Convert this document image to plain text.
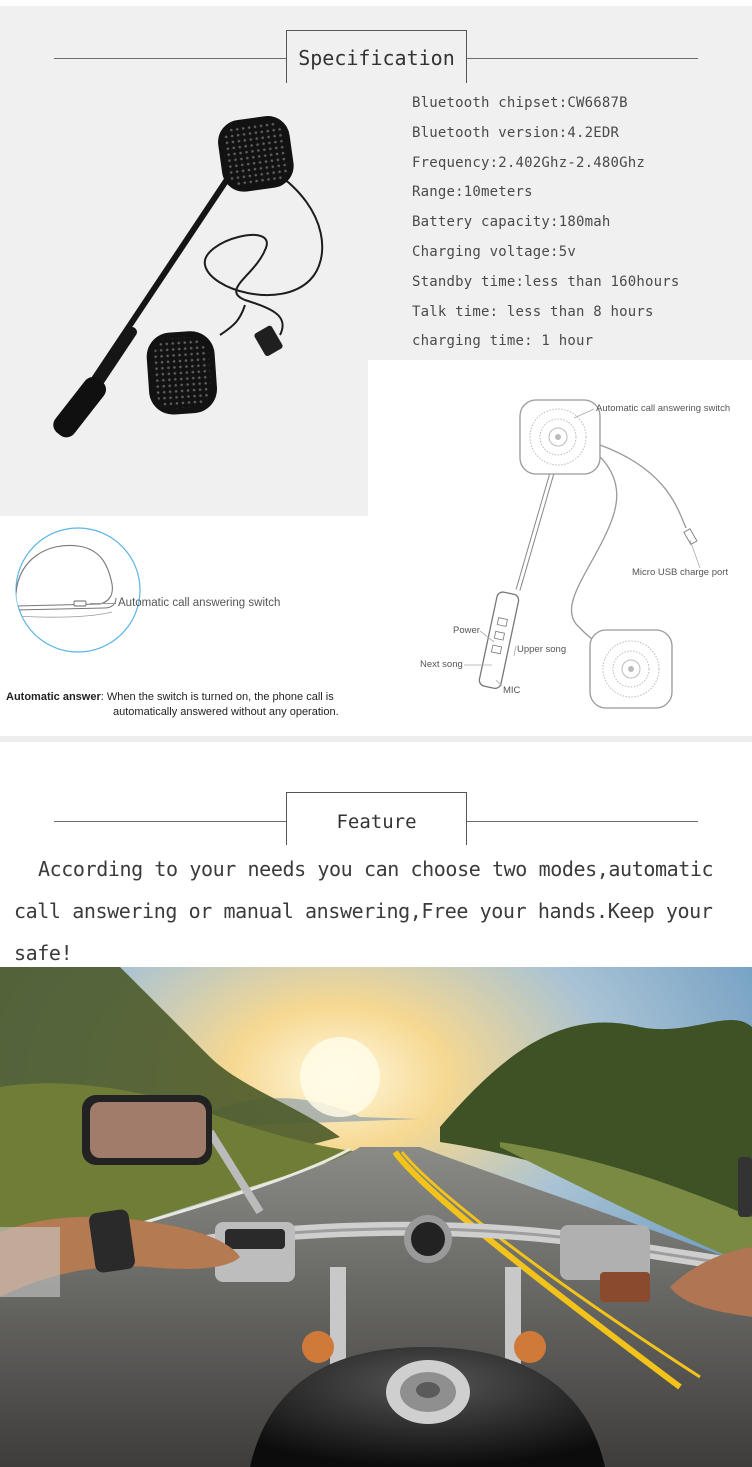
Specification
Bluetooth chipset:CW6687B
Bluetooth version:4.2EDR
Frequency:2.402Ghz-2.480Ghz
Range:10meters
Battery capacity:180mah
Charging voltage:5v
Standby time:less than 160hours
Talk time: less than 8 hours
charging time: 1 hour
Automatic call answering switch
Micro USB charge port
Power
Upper song
Next song
MIC
Automatic call answering switch
Automatic answer: When the switch is turned on, the phone call is
automatically answered without any operation.
Feature
According to your needs you can choose two modes,automatic call answering or manual answering,Free your hands.Keep your safe!
